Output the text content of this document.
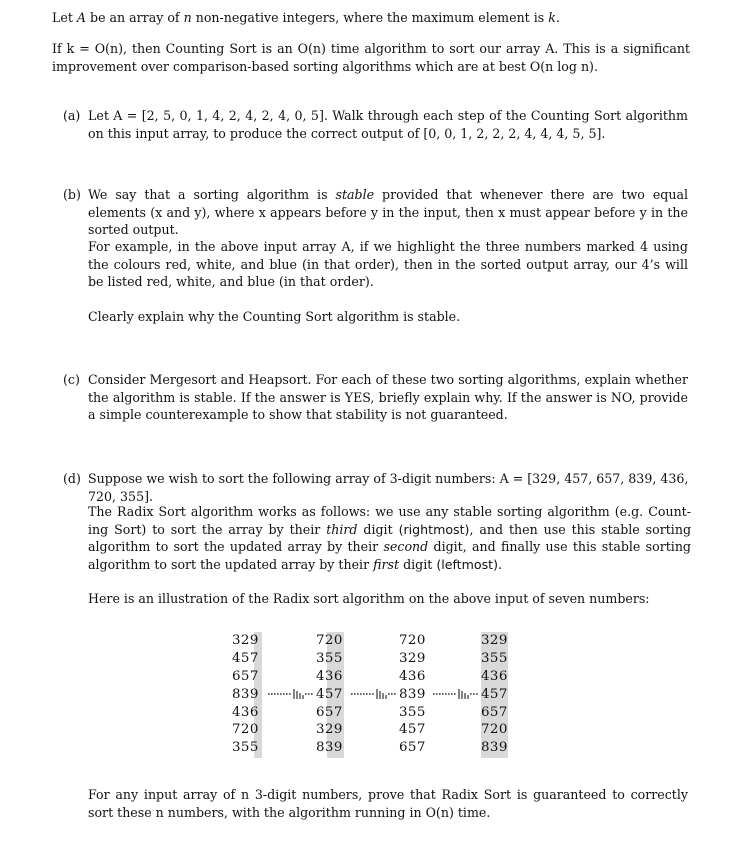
Let A be an array of n non-negative integers, where the maximum element is k.
If k = O(n), then Counting Sort is an O(n) time algorithm to sort our array A. This is a significant improvement over comparison-based sorting algorithms which are at best O(n log n).
(a) Let A = [2, 5, 0, 1, 4, 2, 4, 2, 4, 0, 5]. Walk through each step of the Counting Sort algorithm on this input array, to produce the correct output of [0, 0, 1, 2, 2, 2, 4, 4, 4, 5, 5].
(b) We say that a sorting algorithm is stable provided that whenever there are two equal elements (x and y), where x appears before y in the input, then x must appear before y in the sorted output.
For example, in the above input array A, if we highlight the three numbers marked 4 using the colours red, white, and blue (in that order), then in the sorted output array, our 4’s will be listed red, white, and blue (in that order).
Clearly explain why the Counting Sort algorithm is stable.
(c) Consider Mergesort and Heapsort. For each of these two sorting algorithms, explain whether the algorithm is stable. If the answer is YES, briefly explain why. If the answer is NO, provide a simple counterexample to show that stability is not guaranteed.
(d) Suppose we wish to sort the following array of 3-digit numbers: A = [329, 457, 657, 839, 436, 720, 355].
The Radix Sort algorithm works as follows: we use any stable sorting algorithm (e.g. Count-ing Sort) to sort the array by their third digit (rightmost), and then use this stable sorting algorithm to sort the updated array by their second digit, and finally use this stable sorting algorithm to sort the updated array by their first digit (leftmost).
Here is an illustration of the Radix sort algorithm on the above input of seven numbers:
329
457
657
839
436
720
355
720
355
436
457
657
329
839
720
329
436
839
355
457
657
329
355
436
457
657
720
839
For any input array of n 3-digit numbers, prove that Radix Sort is guaranteed to correctly sort these n numbers, with the algorithm running in O(n) time.
